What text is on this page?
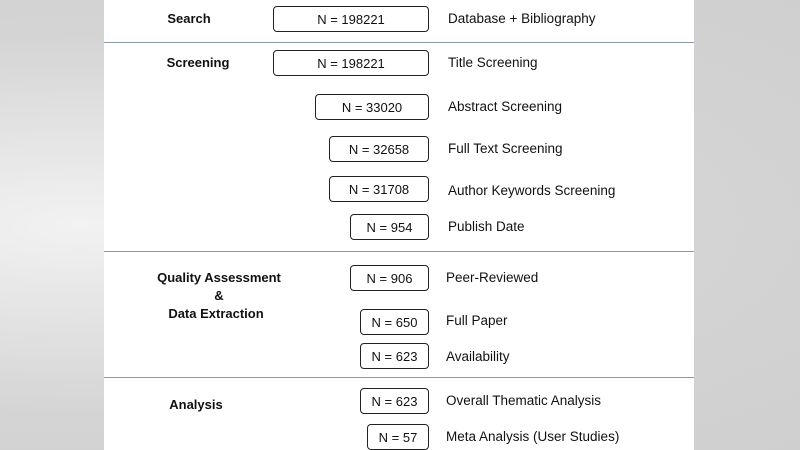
Search
Screening
Quality Assessment
&
Data Extraction
Analysis
N = 198221
N = 198221
N = 33020
N = 32658
N = 31708
N = 954
N = 906
N = 650
N = 623
N = 623
N = 57
Database + Bibliography
Title Screening
Abstract Screening
Full Text Screening
Author Keywords Screening
Publish Date
Peer-Reviewed
Full Paper
Availability
Overall Thematic Analysis
Meta Analysis (User Studies)
